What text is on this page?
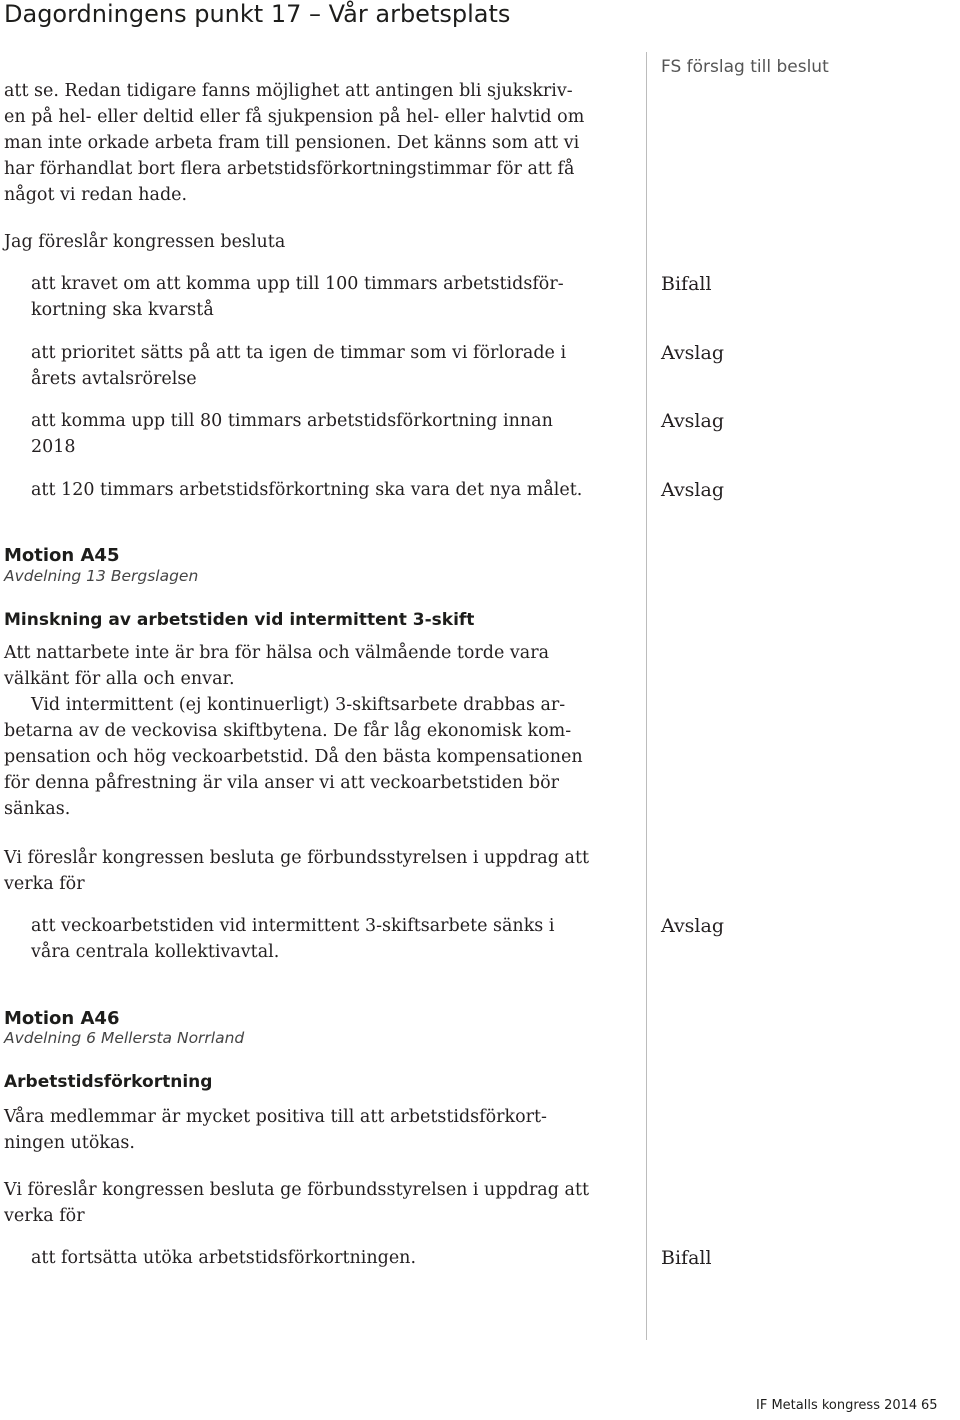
Dagordningens punkt 17 – Vår arbetsplats
FS förslag till beslut
att se. Redan tidigare fanns möjlighet att antingen bli sjukskriv-
en på hel- eller deltid eller få sjukpension på hel- eller halvtid om
man inte orkade arbeta fram till pensionen. Det känns som att vi
har förhandlat bort flera arbetstidsförkortningstimmar för att få
något vi redan hade.
Jag föreslår kongressen besluta
att kravet om att komma upp till 100 timmars arbetstidsför-
kortning ska kvarstå
Bifall
att prioritet sätts på att ta igen de timmar som vi förlorade i
årets avtalsrörelse
Avslag
att komma upp till 80 timmars arbetstidsförkortning innan
2018
Avslag
att 120 timmars arbetstidsförkortning ska vara det nya målet.	Avslag
Motion A45
Avdelning 13 Bergslagen
Minskning av arbetstiden vid intermittent 3-skift
Att nattarbete inte är bra för hälsa och välmående torde vara
välkänt för alla och envar.
Vid intermittent (ej kontinuerligt) 3-skiftsarbete drabbas ar-
betarna av de veckovisa skiftbytena. De får låg ekonomisk kom-
pensation och hög veckoarbetstid. Då den bästa kompensationen
för denna påfrestning är vila anser vi att veckoarbetstiden bör
sänkas.
Vi föreslår kongressen besluta ge förbundsstyrelsen i uppdrag att
verka för
att veckoarbetstiden vid intermittent 3-skiftsarbete sänks i
våra centrala kollektivavtal.
Avslag
Motion A46
Avdelning 6 Mellersta Norrland
Arbetstidsförkortning
Våra medlemmar är mycket positiva till att arbetstidsförkort-
ningen utökas.
Vi föreslår kongressen besluta ge förbundsstyrelsen i uppdrag att
verka för
att fortsätta utöka arbetstidsförkortningen.	Bifall
IF Metalls kongress 2014 65
